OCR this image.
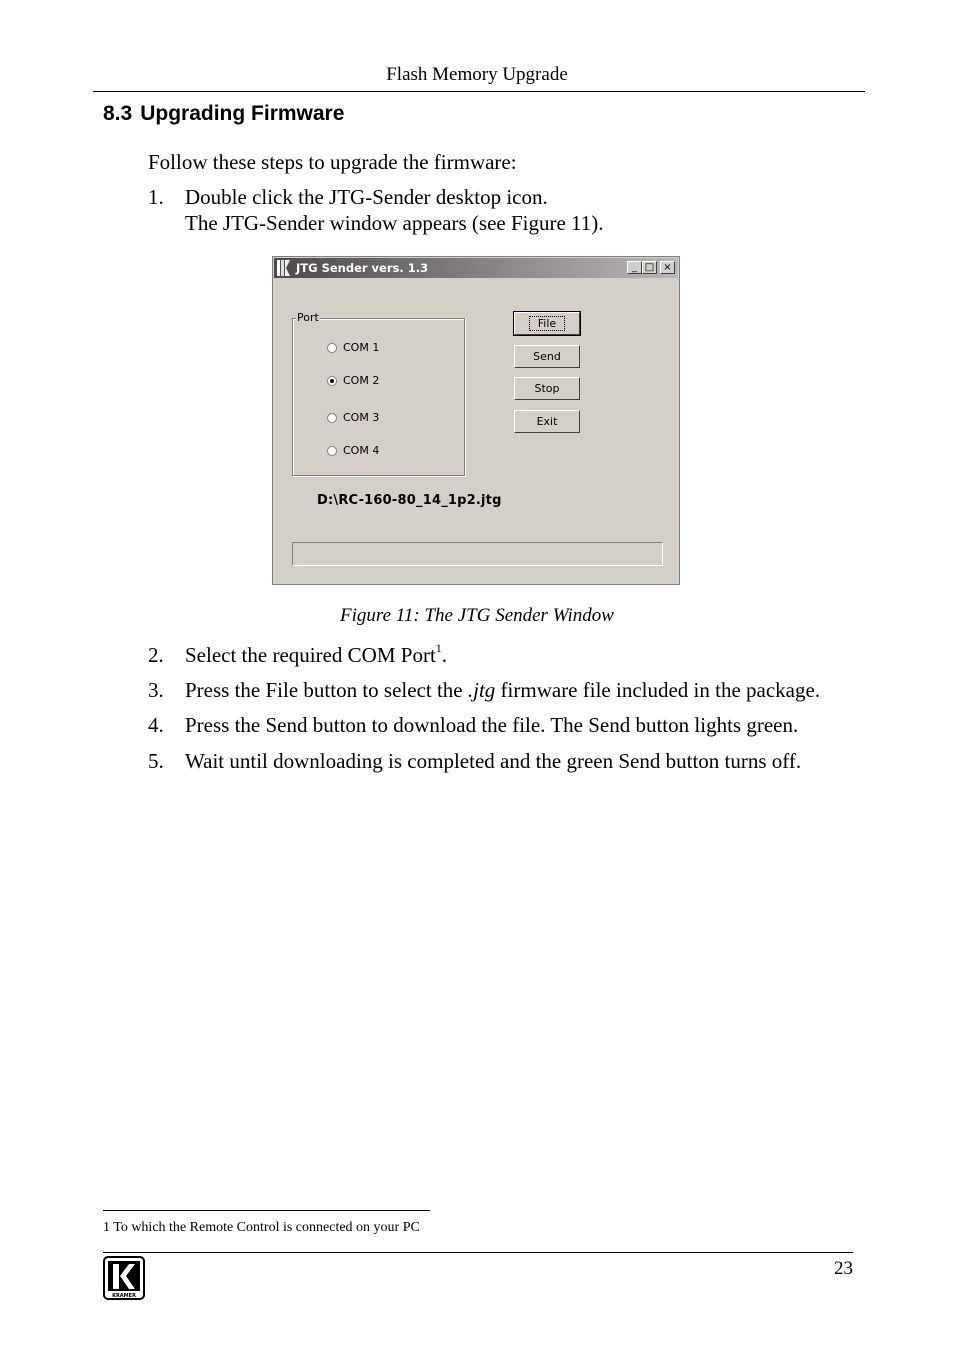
Flash Memory Upgrade
8.3 Upgrading Firmware
Follow these steps to upgrade the firmware:
1. Double click the JTG-Sender desktop icon.
The JTG-Sender window appears (see Figure 11).
JTG Sender vers. 1.3	_ □ ×
Port
COM 1
COM 2
COM 3
COM 4
File
Send
Stop
Exit
D:\RC-160-80_14_1p2.jtg
Figure 11: The JTG Sender Window
2. Select the required COM Port$^1$.
3. Press the File button to select the .jtg firmware file included in the package.
4. Press the Send button to download the file. The Send button lights green.
5. Wait until downloading is completed and the green Send button turns off.
1 To which the Remote Control is connected on your PC
23
KRAMER
